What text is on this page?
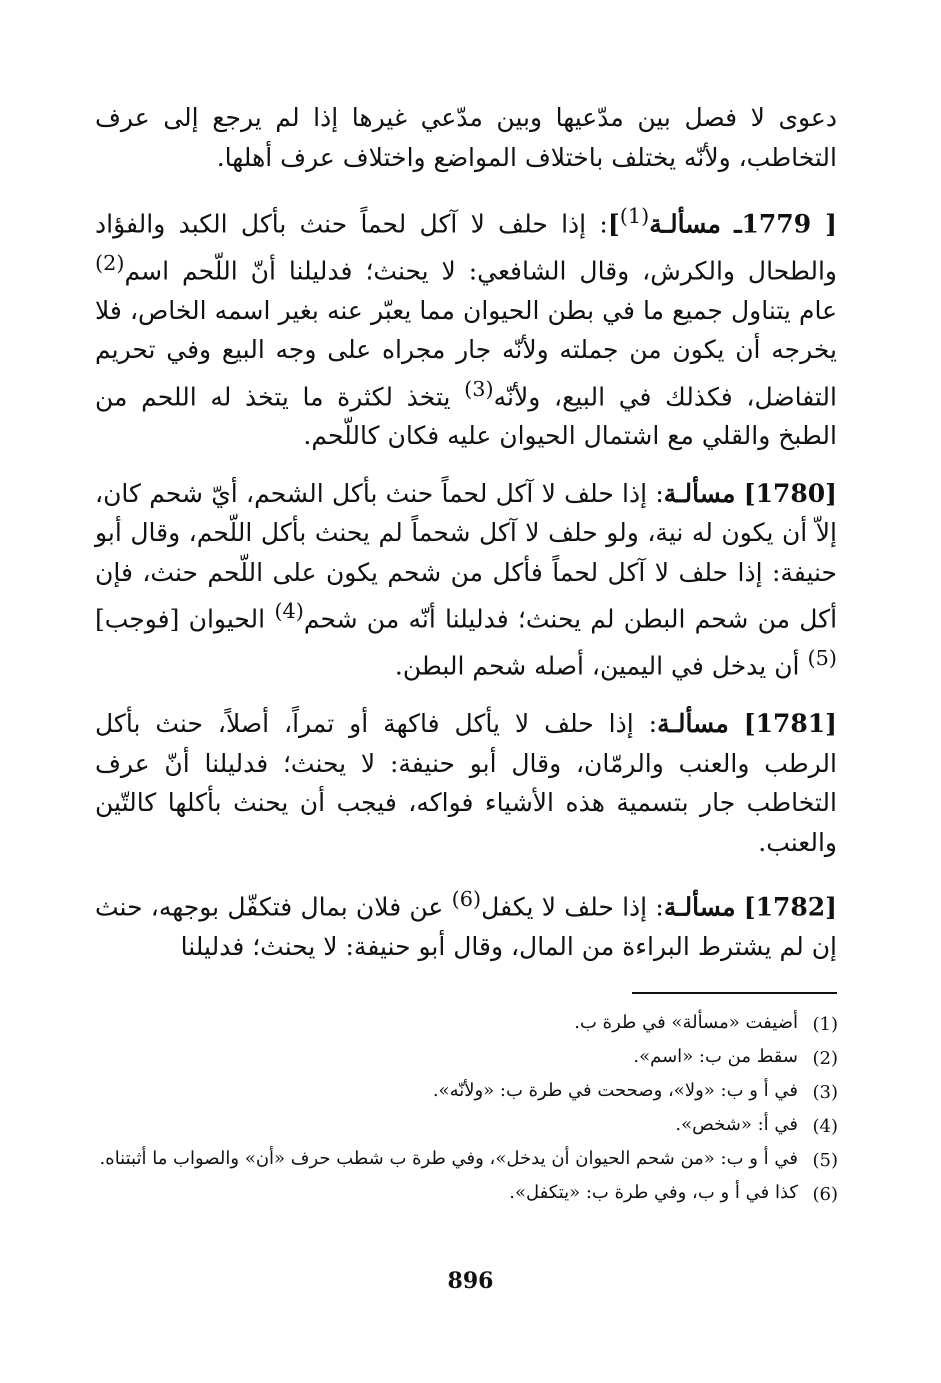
دعوى لا فصل بين مدّعيها وبين مدّعي غيرها إذا لم يرجع إلى عرف التخاطب، ولأنّه يختلف باختلاف المواضع واختلاف عرف أهلها.

[ 1779ـ مسألـة$^{(1)}$]: إذا حلف لا آكل لحماً حنث بأكل الكبد والفؤاد والطحال والكرش، وقال الشافعي: لا يحنث؛ فدليلنا أنّ اللّحم اسم$^{(2)}$ عام يتناول جميع ما في بطن الحيوان مما يعبّر عنه بغير اسمه الخاص، فلا يخرجه أن يكون من جملته ولأنّه جار مجراه على وجه البيع وفي تحريم التفاضل، فكذلك في البيع، ولأنّه$^{(3)}$ يتخذ لكثرة ما يتخذ له اللحم من الطبخ والقلي مع اشتمال الحيوان عليه فكان كاللّحم.

[1780] مسألـة: إذا حلف لا آكل لحماً حنث بأكل الشحم، أيّ شحم كان، إلاّ أن يكون له نية، ولو حلف لا آكل شحماً لم يحنث بأكل اللّحم، وقال أبو حنيفة: إذا حلف لا آكل لحماً فأكل من شحم يكون على اللّحم حنث، فإن أكل من شحم البطن لم يحنث؛ فدليلنا أنّه من شحم$^{(4)}$ الحيوان [فوجب]$^{(5)}$ أن يدخل في اليمين، أصله شحم البطن.

[1781] مسألـة: إذا حلف لا يأكل فاكهة أو تمراً، أصلاً، حنث بأكل الرطب والعنب والرمّان، وقال أبو حنيفة: لا يحنث؛ فدليلنا أنّ عرف التخاطب جار بتسمية هذه الأشياء فواكه، فيجب أن يحنث بأكلها كالتّين والعنب.

[1782] مسألـة: إذا حلف لا يكفل$^{(6)}$ عن فلان بمال فتكفّل بوجهه، حنث إن لم يشترط البراءة من المال، وقال أبو حنيفة: لا يحنث؛ فدليلنا

(1)
أضيفت «مسألة» في طرة ب.
(2)
سقط من ب: «اسم».
(3)
في أ و ب: «ولا»، وصححت في طرة ب: «ولأنّه».
(4)
في أ: «شخص».
(5)
في أ و ب: «من شحم الحيوان أن يدخل»، وفي طرة ب شطب حرف «أن» والصواب ما أثبتناه.
(6)
كذا في أ و ب، وفي طرة ب: «يتكفل».
896
